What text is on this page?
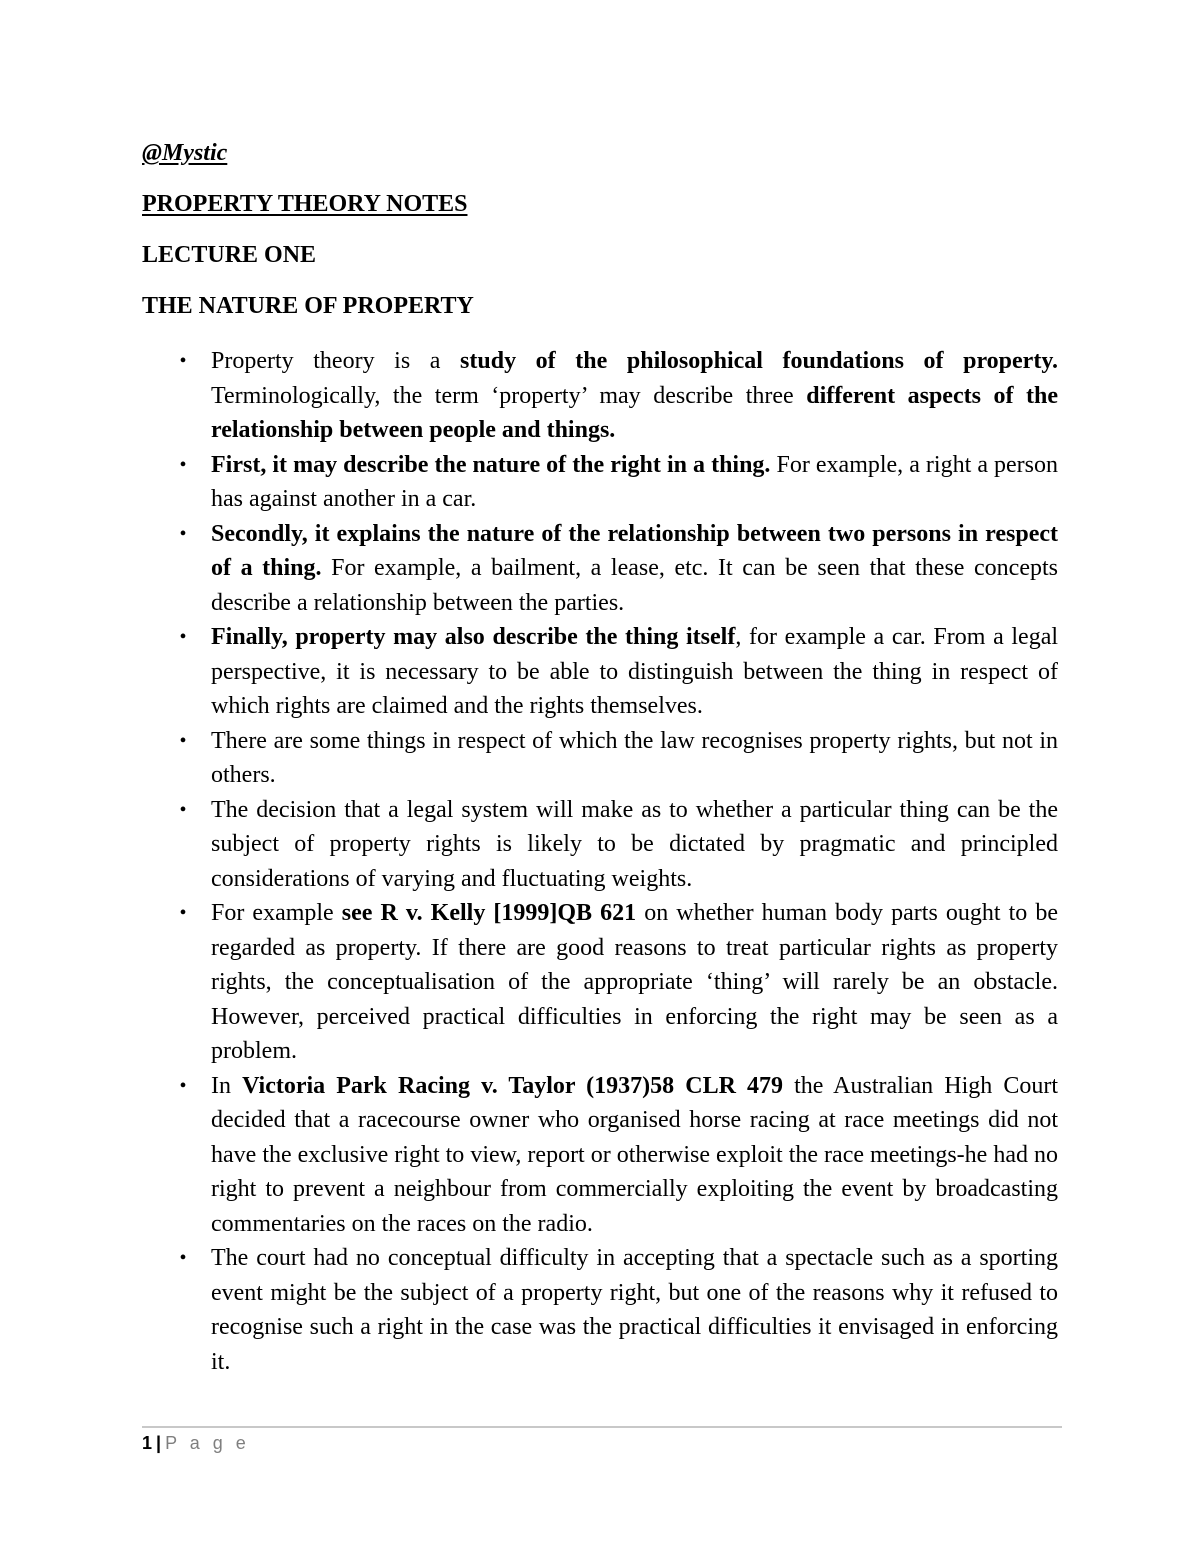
@Mystic

PROPERTY THEORY NOTES

LECTURE ONE

THE NATURE OF PROPERTY

• Property theory is a study of the philosophical foundations of property. Terminologically, the term ‘property’ may describe three different aspects of the relationship between people and things.
• First, it may describe the nature of the right in a thing. For example, a right a person has against another in a car.
• Secondly, it explains the nature of the relationship between two persons in respect of a thing. For example, a bailment, a lease, etc. It can be seen that these concepts describe a relationship between the parties.
• Finally, property may also describe the thing itself, for example a car. From a legal perspective, it is necessary to be able to distinguish between the thing in respect of which rights are claimed and the rights themselves.
• There are some things in respect of which the law recognises property rights, but not in others.
• The decision that a legal system will make as to whether a particular thing can be the subject of property rights is likely to be dictated by pragmatic and principled considerations of varying and fluctuating weights.
• For example see R v. Kelly [1999]QB 621 on whether human body parts ought to be regarded as property. If there are good reasons to treat particular rights as property rights, the conceptualisation of the appropriate ‘thing’ will rarely be an obstacle. However, perceived practical difficulties in enforcing the right may be seen as a problem.
• In Victoria Park Racing v. Taylor (1937)58 CLR 479 the Australian High Court decided that a racecourse owner who organised horse racing at race meetings did not have the exclusive right to view, report or otherwise exploit the race meetings-he had no right to prevent a neighbour from commercially exploiting the event by broadcasting commentaries on the races on the radio.
• The court had no conceptual difficulty in accepting that a spectacle such as a sporting event might be the subject of a property right, but one of the reasons why it refused to recognise such a right in the case was the practical difficulties it envisaged in enforcing it.

1 | P a g e
